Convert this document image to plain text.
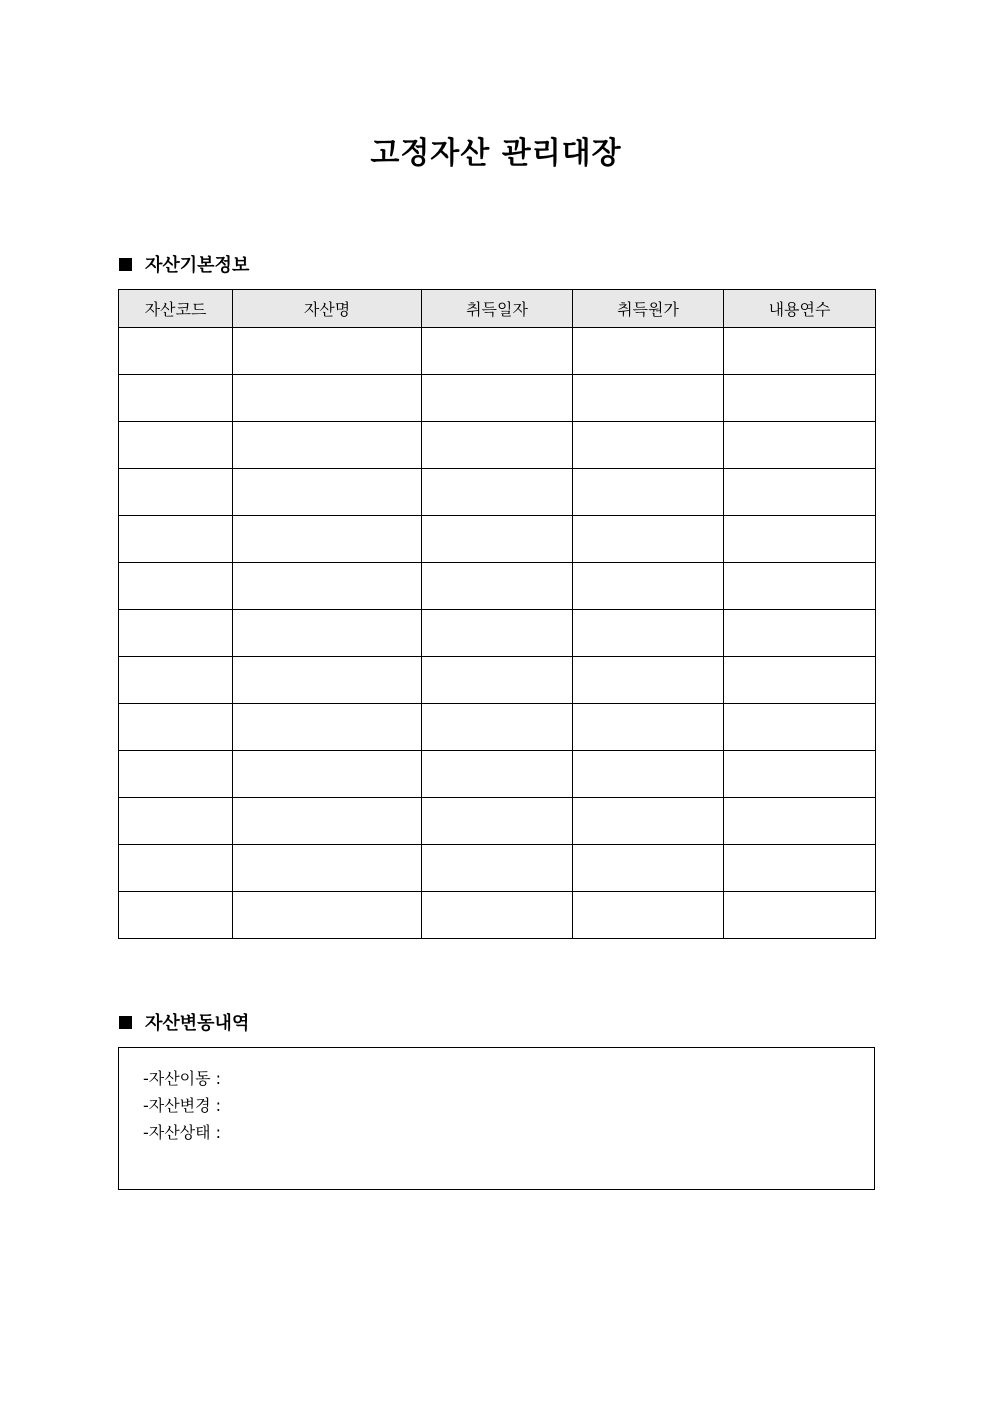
고정자산 관리대장
자산기본정보
자산코드	자산명	취득일자	취득원가	내용연수

자산변동내역
-자산이동 :
-자산변경 :
-자산상태 :
